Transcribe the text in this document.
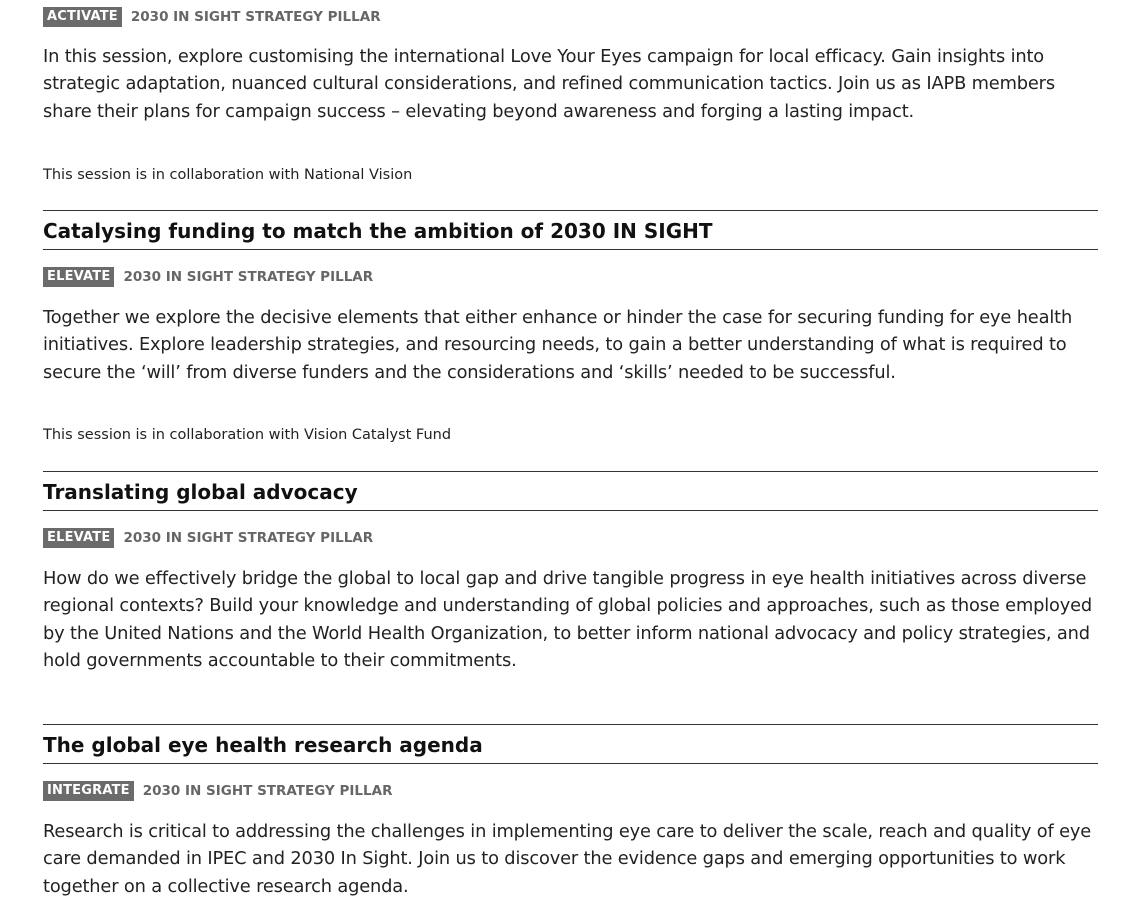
ACTIVATE 2030 IN SIGHT STRATEGY PILLAR

In this session, explore customising the international Love Your Eyes campaign for local efficacy. Gain insights into strategic adaptation, nuanced cultural considerations, and refined communication tactics. Join us as IAPB members share their plans for campaign success – elevating beyond awareness and forging a lasting impact.

This session is in collaboration with National Vision
Catalysing funding to match the ambition of 2030 IN SIGHT
ELEVATE 2030 IN SIGHT STRATEGY PILLAR

Together we explore the decisive elements that either enhance or hinder the case for securing funding for eye health initiatives. Explore leadership strategies, and resourcing needs, to gain a better understanding of what is required to secure the ‘will’ from diverse funders and the considerations and ‘skills’ needed to be successful.

This session is in collaboration with Vision Catalyst Fund
Translating global advocacy
ELEVATE 2030 IN SIGHT STRATEGY PILLAR

How do we effectively bridge the global to local gap and drive tangible progress in eye health initiatives across diverse regional contexts? Build your knowledge and understanding of global policies and approaches, such as those employed by the United Nations and the World Health Organization, to better inform national advocacy and policy strategies, and hold governments accountable to their commitments.

The global eye health research agenda
INTEGRATE 2030 IN SIGHT STRATEGY PILLAR

Research is critical to addressing the challenges in implementing eye care to deliver the scale, reach and quality of eye care demanded in IPEC and 2030 In Sight. Join us to discover the evidence gaps and emerging opportunities to work together on a collective research agenda.
